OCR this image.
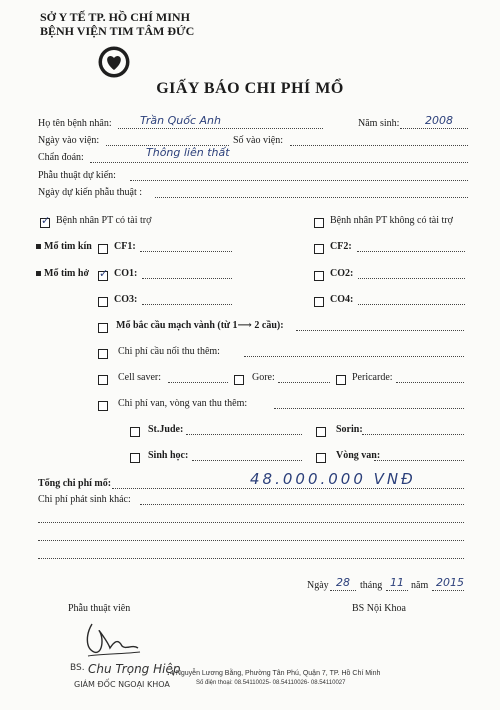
SỞ Y TẾ TP. HỒ CHÍ MINH
BỆNH VIỆN TIM TÂM ĐỨC
GIẤY BÁO CHI PHÍ MỔ
Họ tên bệnh nhân:	Trần Quốc Anh	Năm sinh: 2008
Ngày vào viện:	Số vào viện:
Chẩn đoán:	Thông liên thất
Phẫu thuật dự kiến:
Ngày dự kiến phẫu thuật :
✓ Bệnh nhân PT có tài trợ	Bệnh nhân PT không có tài trợ
Mổ tim kín CF1:	CF2:
Mổ tim hở ✓ CO1:	CO2:
CO3:	CO4:
Mổ bắc cầu mạch vành (từ 1⟶ 2 cầu):
Chi phí cầu nối thu thêm:
Cell saver:	Gore:	Pericarde:
Chi phí van, vòng van thu thêm:
St.Jude:	Sorin:
Sinh học:	Vòng van:
Tổng chi phí mổ:	48.000.000 VNĐ
Chi phí phát sinh khác:
Ngày 28 tháng 11 năm 2015
Phẫu thuật viên	BS Nội Khoa
BS. Chu Trọng Hiệp
GIÁM ĐỐC NGOẠI KHOA
4 Nguyễn Lương Bằng, Phường Tân Phú, Quận 7, TP. Hồ Chí Minh
Số điện thoại: 08.54110025- 08.54110026- 08.54110027
